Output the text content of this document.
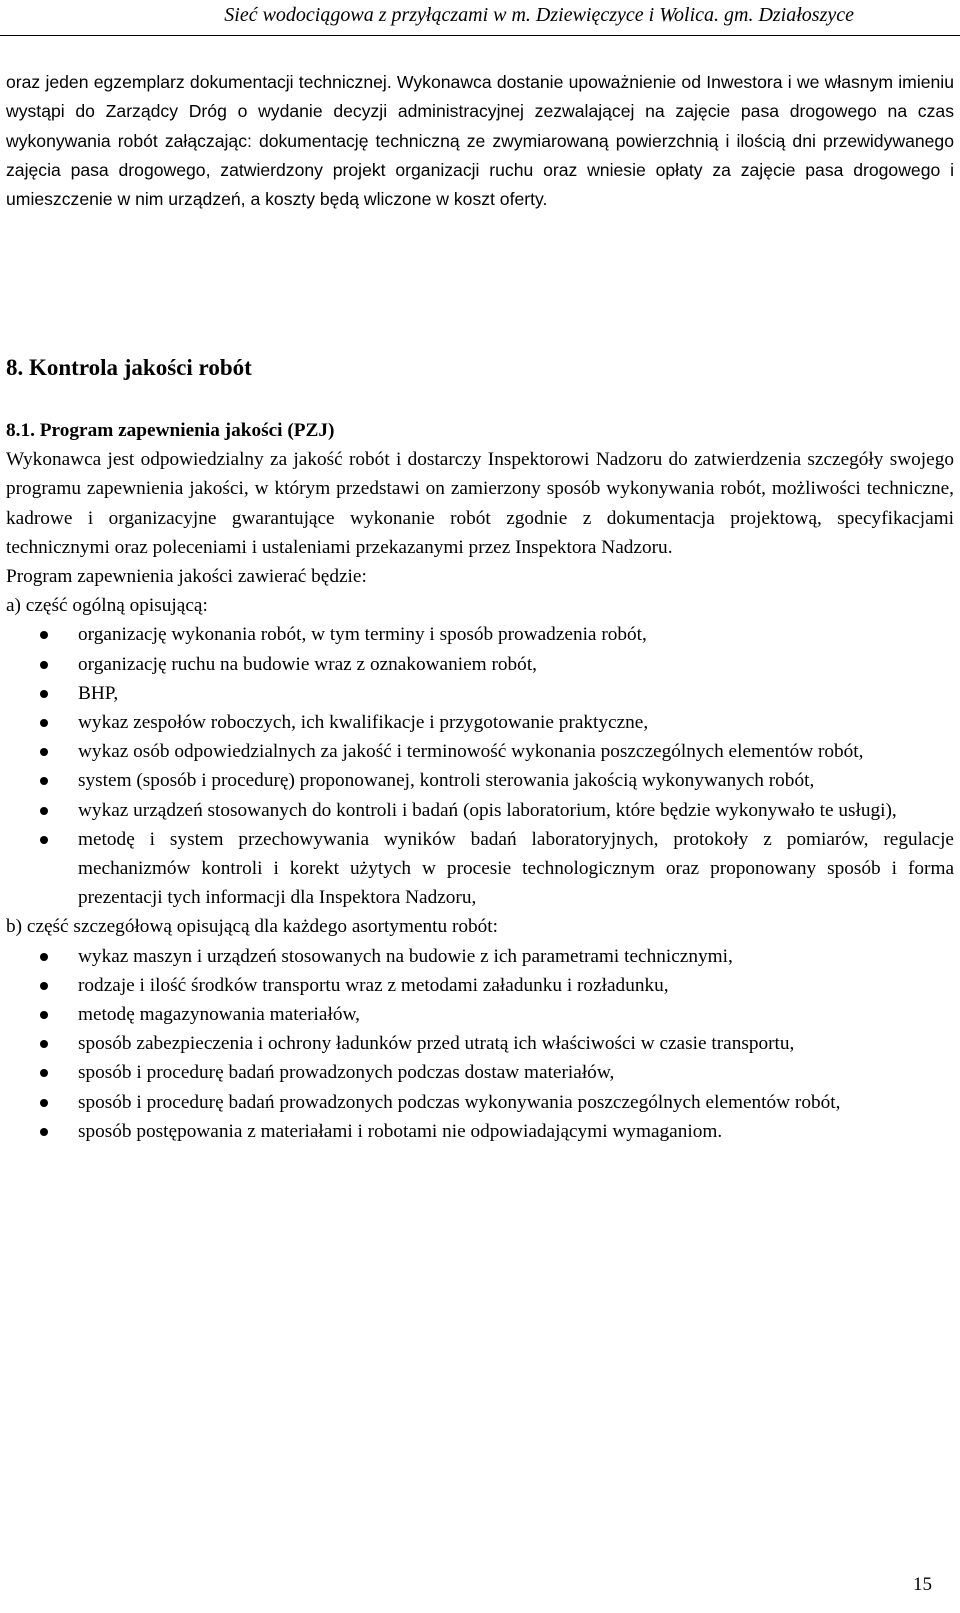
Sieć wodociągowa z przyłączami w m. Dziewięczyce i Wolica. gm. Działoszyce

oraz jeden egzemplarz dokumentacji technicznej. Wykonawca dostanie upoważnienie od Inwestora i we własnym imieniu wystąpi do Zarządcy Dróg o wydanie decyzji administracyjnej zezwalającej na zajęcie pasa drogowego na czas wykonywania robót załączając: dokumentację techniczną ze zwymiarowaną powierzchnią i ilością dni przewidywanego zajęcia pasa drogowego, zatwierdzony projekt organizacji ruchu oraz wniesie opłaty za zajęcie pasa drogowego i umieszczenie w nim urządzeń, a koszty będą wliczone w koszt oferty.

8. Kontrola jakości robót

8.1. Program zapewnienia jakości (PZJ)

Wykonawca jest odpowiedzialny za jakość robót i dostarczy Inspektorowi Nadzoru do zatwierdzenia szczegóły swojego programu zapewnienia jakości, w którym przedstawi on zamierzony sposób wykonywania robót, możliwości techniczne, kadrowe i organizacyjne gwarantujące wykonanie robót zgodnie z dokumentacja projektową, specyfikacjami technicznymi oraz poleceniami i ustaleniami przekazanymi przez Inspektora Nadzoru.

Program zapewnienia jakości zawierać będzie:

a) część ogólną opisującą:

organizację wykonania robót, w tym terminy i sposób prowadzenia robót,
organizację ruchu na budowie wraz z oznakowaniem robót,
BHP,
wykaz zespołów roboczych, ich kwalifikacje i przygotowanie praktyczne,
wykaz osób odpowiedzialnych za jakość i terminowość wykonania poszczególnych elementów robót,
system (sposób i procedurę) proponowanej, kontroli sterowania jakością wykonywanych robót,
wykaz urządzeń stosowanych do kontroli i badań (opis laboratorium, które będzie wykonywało te usługi),
metodę i system przechowywania wyników badań laboratoryjnych, protokoły z pomiarów, regulacje mechanizmów kontroli i korekt użytych w procesie technologicznym oraz proponowany sposób i forma prezentacji tych informacji dla Inspektora Nadzoru,

b) część szczegółową opisującą dla każdego asortymentu robót:

wykaz maszyn i urządzeń stosowanych na budowie z ich parametrami technicznymi,
rodzaje i ilość środków transportu wraz z metodami załadunku i rozładunku,
metodę magazynowania materiałów,
sposób zabezpieczenia i ochrony ładunków przed utratą ich właściwości w czasie transportu,
sposób i procedurę badań prowadzonych podczas dostaw materiałów,
sposób i procedurę badań prowadzonych podczas wykonywania poszczególnych elementów robót,
sposób postępowania z materiałami i robotami nie odpowiadającymi wymaganiom.
15
